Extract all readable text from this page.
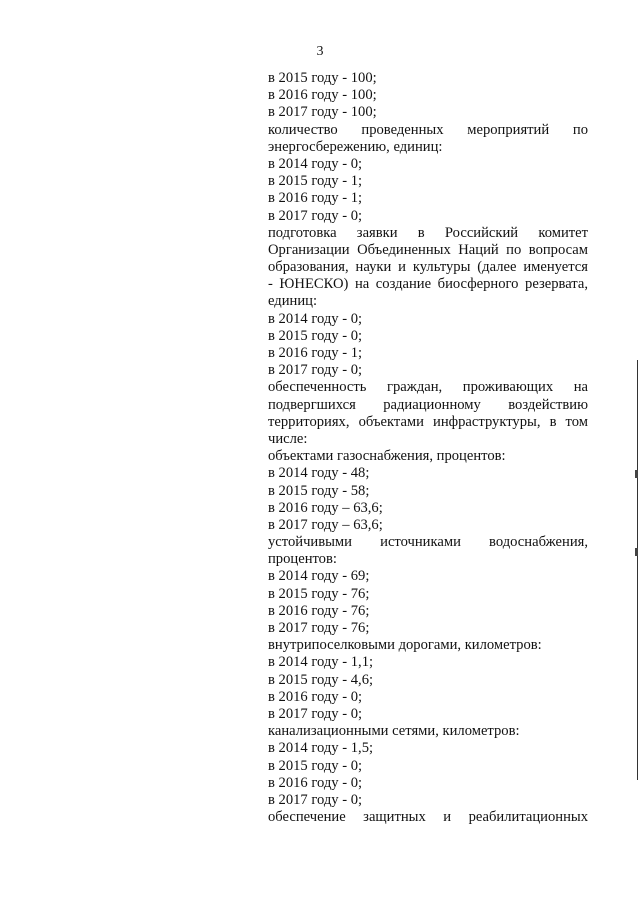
3
в 2015 году - 100;
в 2016 году - 100;
в 2017 году - 100;
количество проведенных мероприятий по
энергосбережению, единиц:
в 2014 году - 0;
в 2015 году - 1;
в 2016 году - 1;
в 2017 году - 0;
подготовка заявки в Российский комитет
Организации Объединенных Наций по вопросам
образования, науки и культуры (далее именуется
- ЮНЕСКО) на создание биосферного резервата,
единиц:
в 2014 году - 0;
в 2015 году - 0;
в 2016 году - 1;
в 2017 году - 0;
обеспеченность граждан, проживающих на
подвергшихся радиационному воздействию
территориях, объектами инфраструктуры, в том
числе:
объектами газоснабжения, процентов:
в 2014 году - 48;
в 2015 году - 58;
в 2016 году – 63,6;
в 2017 году – 63,6;
устойчивыми источниками водоснабжения,
процентов:
в 2014 году - 69;
в 2015 году - 76;
в 2016 году - 76;
в 2017 году - 76;
внутрипоселковыми дорогами, километров:
в 2014 году - 1,1;
в 2015 году - 4,6;
в 2016 году - 0;
в 2017 году - 0;
канализационными сетями, километров:
в 2014 году - 1,5;
в 2015 году - 0;
в 2016 году - 0;
в 2017 году - 0;
обеспечение защитных и реабилитационных
